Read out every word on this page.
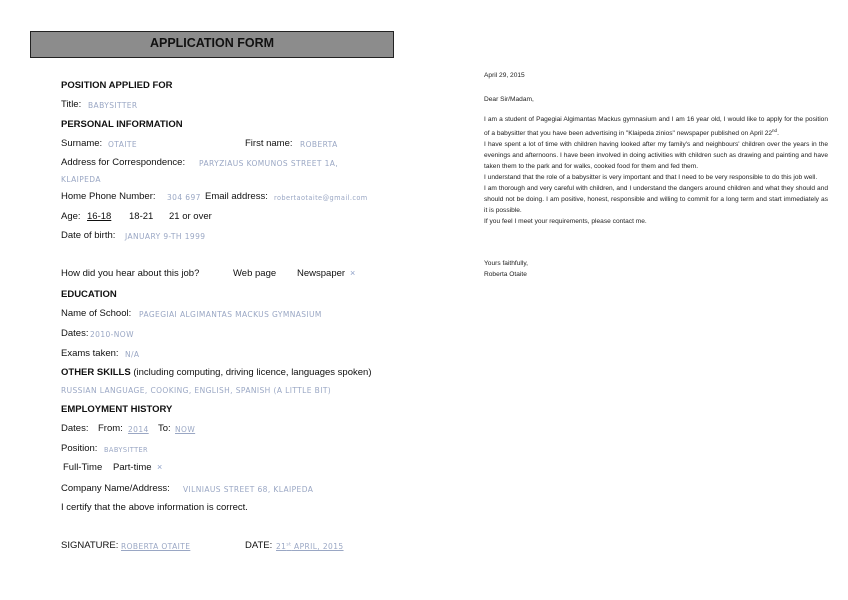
APPLICATION FORM
POSITION APPLIED FOR
Title: BABYSITTER
PERSONAL INFORMATION
Surname: OTAITE	First name: ROBERTA
Address for Correspondence: PARYZIAUS KOMUNOS STREET 1A,
KLAIPEDA
Home Phone Number: 304 697 Email address: robertaotaite@gmail.com
Age: 16-18 18-21 21 or over
Date of birth: JANUARY 9-TH 1999
How did you hear about this job?	Web page Newspaper ×
EDUCATION
Name of School: PAGEGIAI ALGIMANTAS MACKUS GYMNASIUM
Dates: 2010-NOW
Exams taken: N/A
OTHER SKILLS (including computing, driving licence, languages spoken)
RUSSIAN LANGUAGE, COOKING, ENGLISH, SPANISH (A LITTLE BIT)
EMPLOYMENT HISTORY
Dates: From: 2014 To: NOW
Position: BABYSITTER
Full-Time Part-time ×
Company Name/Address: VILNIAUS STREET 68, KLAIPEDA
I certify that the above information is correct.
SIGNATURE: ROBERTA OTAITE	DATE: 21st APRIL, 2015
April 29, 2015
Dear Sir/Madam,

I am a student of Pagegiai Algimantas Mackus gymnasium and I am 16 year old, I would like to apply for the position of a babysitter that you have been advertising in "Klaipeda zinios" newspaper published on April 22nd.

I have spent a lot of time with children having looked after my family's and neighbours' children over the years in the evenings and afternoons. I have been involved in doing activities with children such as drawing and painting and have taken them to the park and for walks, cooked food for them and fed them.

I understand that the role of a babysitter is very important and that I need to be very responsible to do this job well.

I am thorough and very careful with children, and I understand the dangers around children and what they should and should not be doing. I am positive, honest, responsible and willing to commit for a long term and start immediately as it is possible.

If you feel I meet your requirements, please contact me.

Yours faithfully,
Roberta Otaite
